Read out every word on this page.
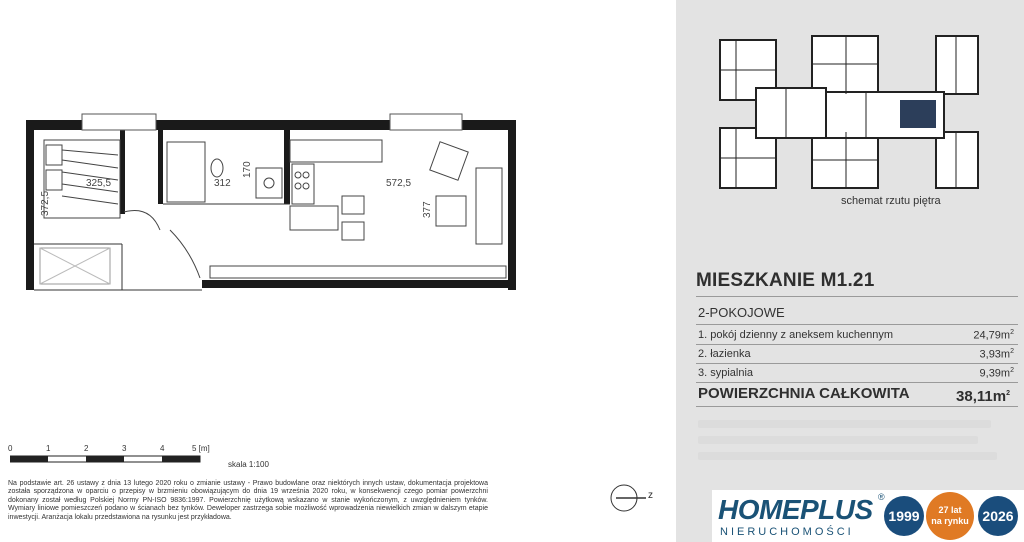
325,5
372,5
312
170
572,5
377
0	1	2	3	4	5 [m]
skala 1:100
Na podstawie art. 26 ustawy z dnia 13 lutego 2020 roku o zmianie ustawy - Prawo budowlane oraz niektórych innych ustaw, dokumentacja projektowa została sporządzona w oparciu o przepisy w brzmieniu obowiązującym do dnia 19 września 2020 roku, w konsekwencji czego pomiar powierzchni dokonany został według Polskiej Normy PN-ISO 9836:1997. Powierzchnię użytkową wskazano w stanie wykończonym, z uwzględnieniem tynków. Wymiary liniowe pomieszczeń podano w ścianach bez tynków. Deweloper zastrzega sobie możliwość wprowadzenia niewielkich zmian w dalszym etapie inwestycji. Aranżacja lokalu przedstawiona na rysunku jest przykładowa.
z
schemat rzutu piętra
MIESZKANIE M1.21
2-POKOJOWE
1. pokój dzienny z aneksem kuchennym	$24,79m^2$
2. łazienka	$3,93m^2$
3. sypialnia	$9,39m^2$
POWIERZCHNIA CAŁKOWITA	$38,11m^2$
HOMEPLUS ®
NIERUCHOMOŚCI
1999	27 lat
na rynku 2026
